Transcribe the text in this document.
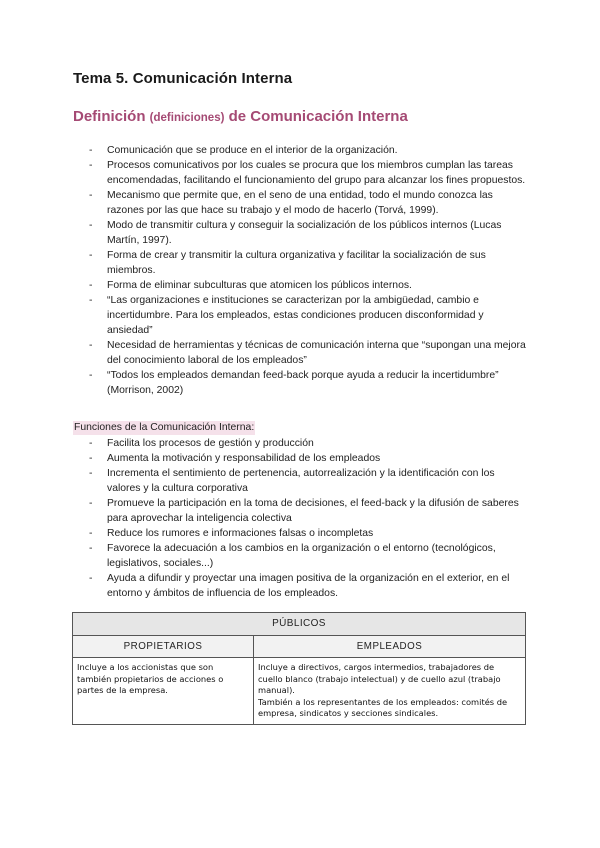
Tema 5. Comunicación Interna
Definición (definiciones) de Comunicación Interna
- Comunicación que se produce en el interior de la organización.
- Procesos comunicativos por los cuales se procura que los miembros cumplan las tareas encomendadas, facilitando el funcionamiento del grupo para alcanzar los fines propuestos.
- Mecanismo que permite que, en el seno de una entidad, todo el mundo conozca las razones por las que hace su trabajo y el modo de hacerlo (Torvá, 1999).
- Modo de transmitir cultura y conseguir la socialización de los públicos internos (Lucas Martín, 1997).
- Forma de crear y transmitir la cultura organizativa y facilitar la socialización de sus miembros.
- Forma de eliminar subculturas que atomicen los públicos internos.
- “Las organizaciones e instituciones se caracterizan por la ambigüedad, cambio e incertidumbre. Para los empleados, estas condiciones producen disconformidad y ansiedad”
- Necesidad de herramientas y técnicas de comunicación interna que “supongan una mejora del conocimiento laboral de los empleados”
- “Todos los empleados demandan feed-back porque ayuda a reducir la incertidumbre” (Morrison, 2002)
Funciones de la Comunicación Interna:
- Facilita los procesos de gestión y producción
- Aumenta la motivación y responsabilidad de los empleados
- Incrementa el sentimiento de pertenencia, autorrealización y la identificación con los valores y la cultura corporativa
- Promueve la participación en la toma de decisiones, el feed-back y la difusión de saberes para aprovechar la inteligencia colectiva
- Reduce los rumores e informaciones falsas o incompletas
- Favorece la adecuación a los cambios en la organización o el entorno (tecnológicos, legislativos, sociales...)
- Ayuda a difundir y proyectar una imagen positiva de la organización en el exterior, en el entorno y ámbitos de influencia de los empleados.
PÚBLICOS	
PROPIETARIOS	EMPLEADOS
Incluye a los accionistas que son también propietarios de acciones o partes de la empresa.	Incluye a directivos, cargos intermedios, trabajadores de cuello blanco (trabajo intelectual) y de cuello azul (trabajo manual).
También a los representantes de los empleados: comités de empresa, sindicatos y secciones sindicales.
